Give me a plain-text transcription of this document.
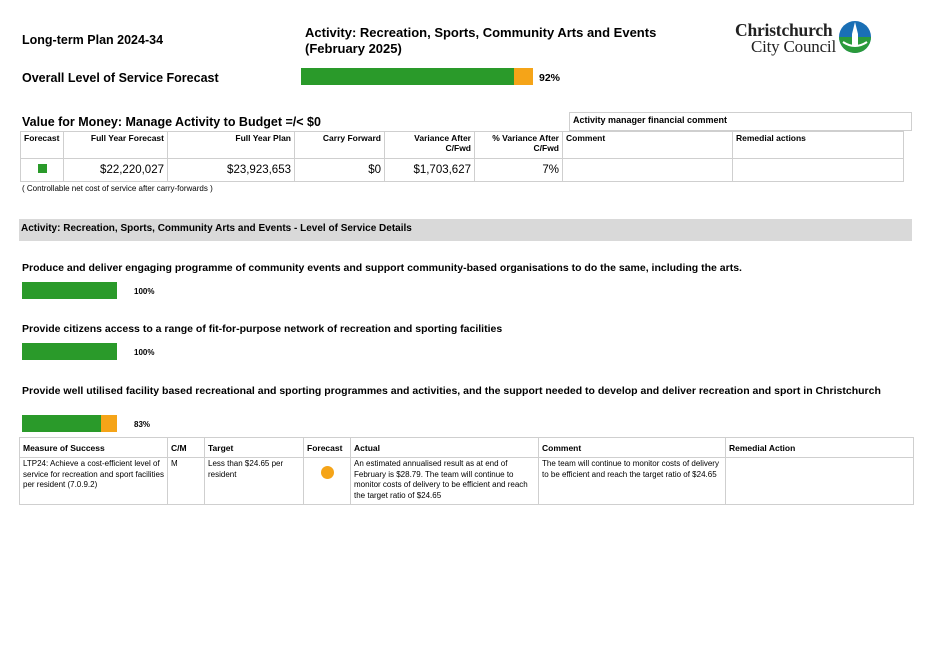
Long-term Plan 2024-34	Activity: Recreation, Sports, Community Arts and Events
(February 2025)
Christchurch
City Council
Overall Level of Service Forecast	92%
Value for Money: Manage Activity to Budget =/< $0	Activity manager financial comment
Forecast	Full Year Forecast	Full Year Plan	Carry Forward	Variance After C/Fwd	% Variance After C/Fwd	Comment	Remedial actions
	$22,220,027	$23,923,653	$0	$1,703,627	7%		
( Controllable net cost of service after carry-forwards )
Activity: Recreation, Sports, Community Arts and Events - Level of Service Details
Produce and deliver engaging programme of community events and support community-based organisations to do the same, including the arts.
100%
Provide citizens access to a range of fit-for-purpose network of recreation and sporting facilities
100%
Provide well utilised facility based recreational and sporting programmes and activities, and the support needed to develop and deliver recreation and sport in Christchurch
83%
Measure of Success	C/M	Target	Forecast	Actual	Comment	Remedial Action
LTP24: Achieve a cost-efficient level of service for recreation and sport facilities per resident (7.0.9.2)	M	Less than $24.65 per resident		An estimated annualised result as at end of February is $28.79. The team will continue to monitor costs of delivery to be efficient and reach the target ratio of $24.65	The team will continue to monitor costs of delivery to be efficient and reach the target ratio of $24.65	
